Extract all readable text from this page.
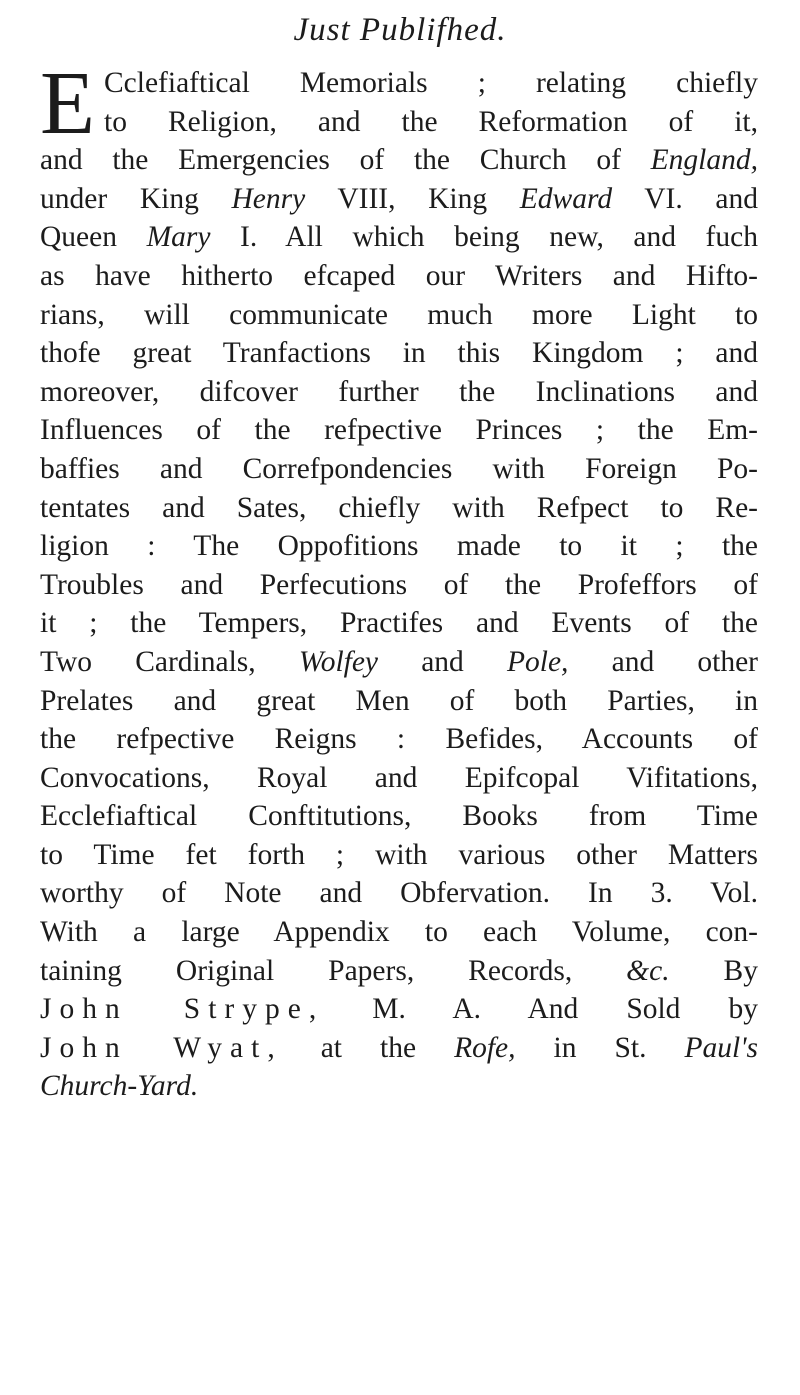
Just Publifhed.
E Cclefiaftical Memorials ; relating chiefly
to Religion, and the Reformation of it,
and the Emergencies of the Church of England,
under King Henry VIII, King Edward VI. and
Queen Mary I. All which being new, and fuch
as have hitherto efcaped our Writers and Hifto-
rians, will communicate much more Light to
thofe great Tranfactions in this Kingdom ; and
moreover, difcover further the Inclinations and
Influences of the refpective Princes ; the Em-
baffies and Correfpondencies with Foreign Po-
tentates and Sates, chiefly with Refpect to Re-
ligion : The Oppofitions made to it ; the
Troubles and Perfecutions of the Profeffors of
it ; the Tempers, Practifes and Events of the
Two Cardinals, Wolfey and Pole, and other
Prelates and great Men of both Parties, in
the refpective Reigns : Befides, Accounts of
Convocations, Royal and Epifcopal Vifitations,
Ecclefiaftical Conftitutions, Books from Time
to Time fet forth ; with various other Matters
worthy of Note and Obfervation. In 3. Vol.
With a large Appendix to each Volume, con-
taining Original Papers, Records, &c. By
John Strype, M. A. And Sold by
John Wyat, at the Rofe, in St. Paul's
Church-Yard.
